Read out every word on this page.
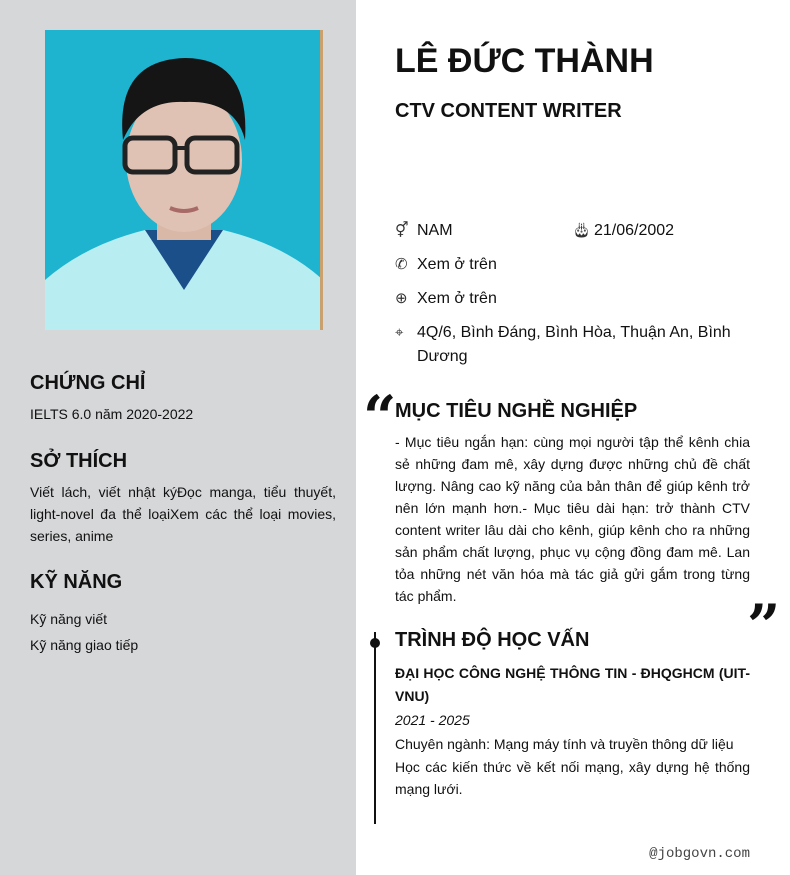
CHỨNG CHỈ
IELTS 6.0 năm 2020-2022
SỞ THÍCH
Viết lách, viết nhật kýĐọc manga, tiểu thuyết, light-novel đa thể loạiXem các thể loại movies, series, anime
KỸ NĂNG
Kỹ năng viết
Kỹ năng giao tiếp
LÊ ĐỨC THÀNH
CTV CONTENT WRITER
⚥ NAM	🎂︎ 21/06/2002
✆ Xem ở trên
⊕ Xem ở trên
⌖ 4Q/6, Bình Đáng, Bình Hòa, Thuận An, Bình Dương
“
MỤC TIÊU NGHỀ NGHIỆP
- Mục tiêu ngắn hạn: cùng mọi người tập thể kênh chia sẻ những đam mê, xây dựng được những chủ đề chất lượng. Nâng cao kỹ năng của bản thân để giúp kênh trở nên lớn mạnh hơn.- Mục tiêu dài hạn: trở thành CTV content writer lâu dài cho kênh, giúp kênh cho ra những sản phẩm chất lượng, phục vụ cộng đồng đam mê. Lan tỏa những nét văn hóa mà tác giả gửi gắm trong từng tác phẩm.	”
TRÌNH ĐỘ HỌC VẤN
ĐẠI HỌC CÔNG NGHỆ THÔNG TIN - ĐHQGHCM (UIT-VNU)
2021 - 2025
Chuyên ngành: Mạng máy tính và truyền thông dữ liệu
Học các kiến thức về kết nối mạng, xây dựng hệ thống mạng lưới.
@jobgovn.com
